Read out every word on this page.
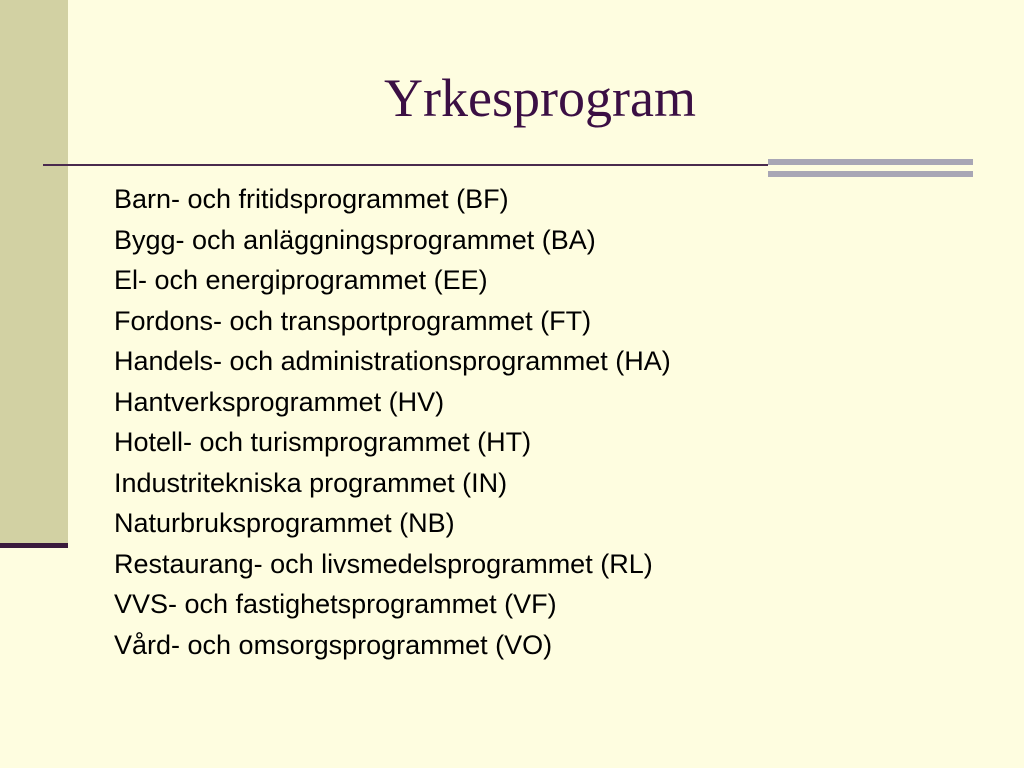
Yrkesprogram
Barn- och fritidsprogrammet (BF)
Bygg- och anläggningsprogrammet (BA)
El- och energiprogrammet (EE)
Fordons- och transportprogrammet (FT)
Handels- och administrationsprogrammet (HA)
Hantverksprogrammet (HV)
Hotell- och turismprogrammet (HT)
Industritekniska programmet (IN)
Naturbruksprogrammet (NB)
Restaurang- och livsmedelsprogrammet (RL)
VVS- och fastighetsprogrammet (VF)
Vård- och omsorgsprogrammet (VO)
